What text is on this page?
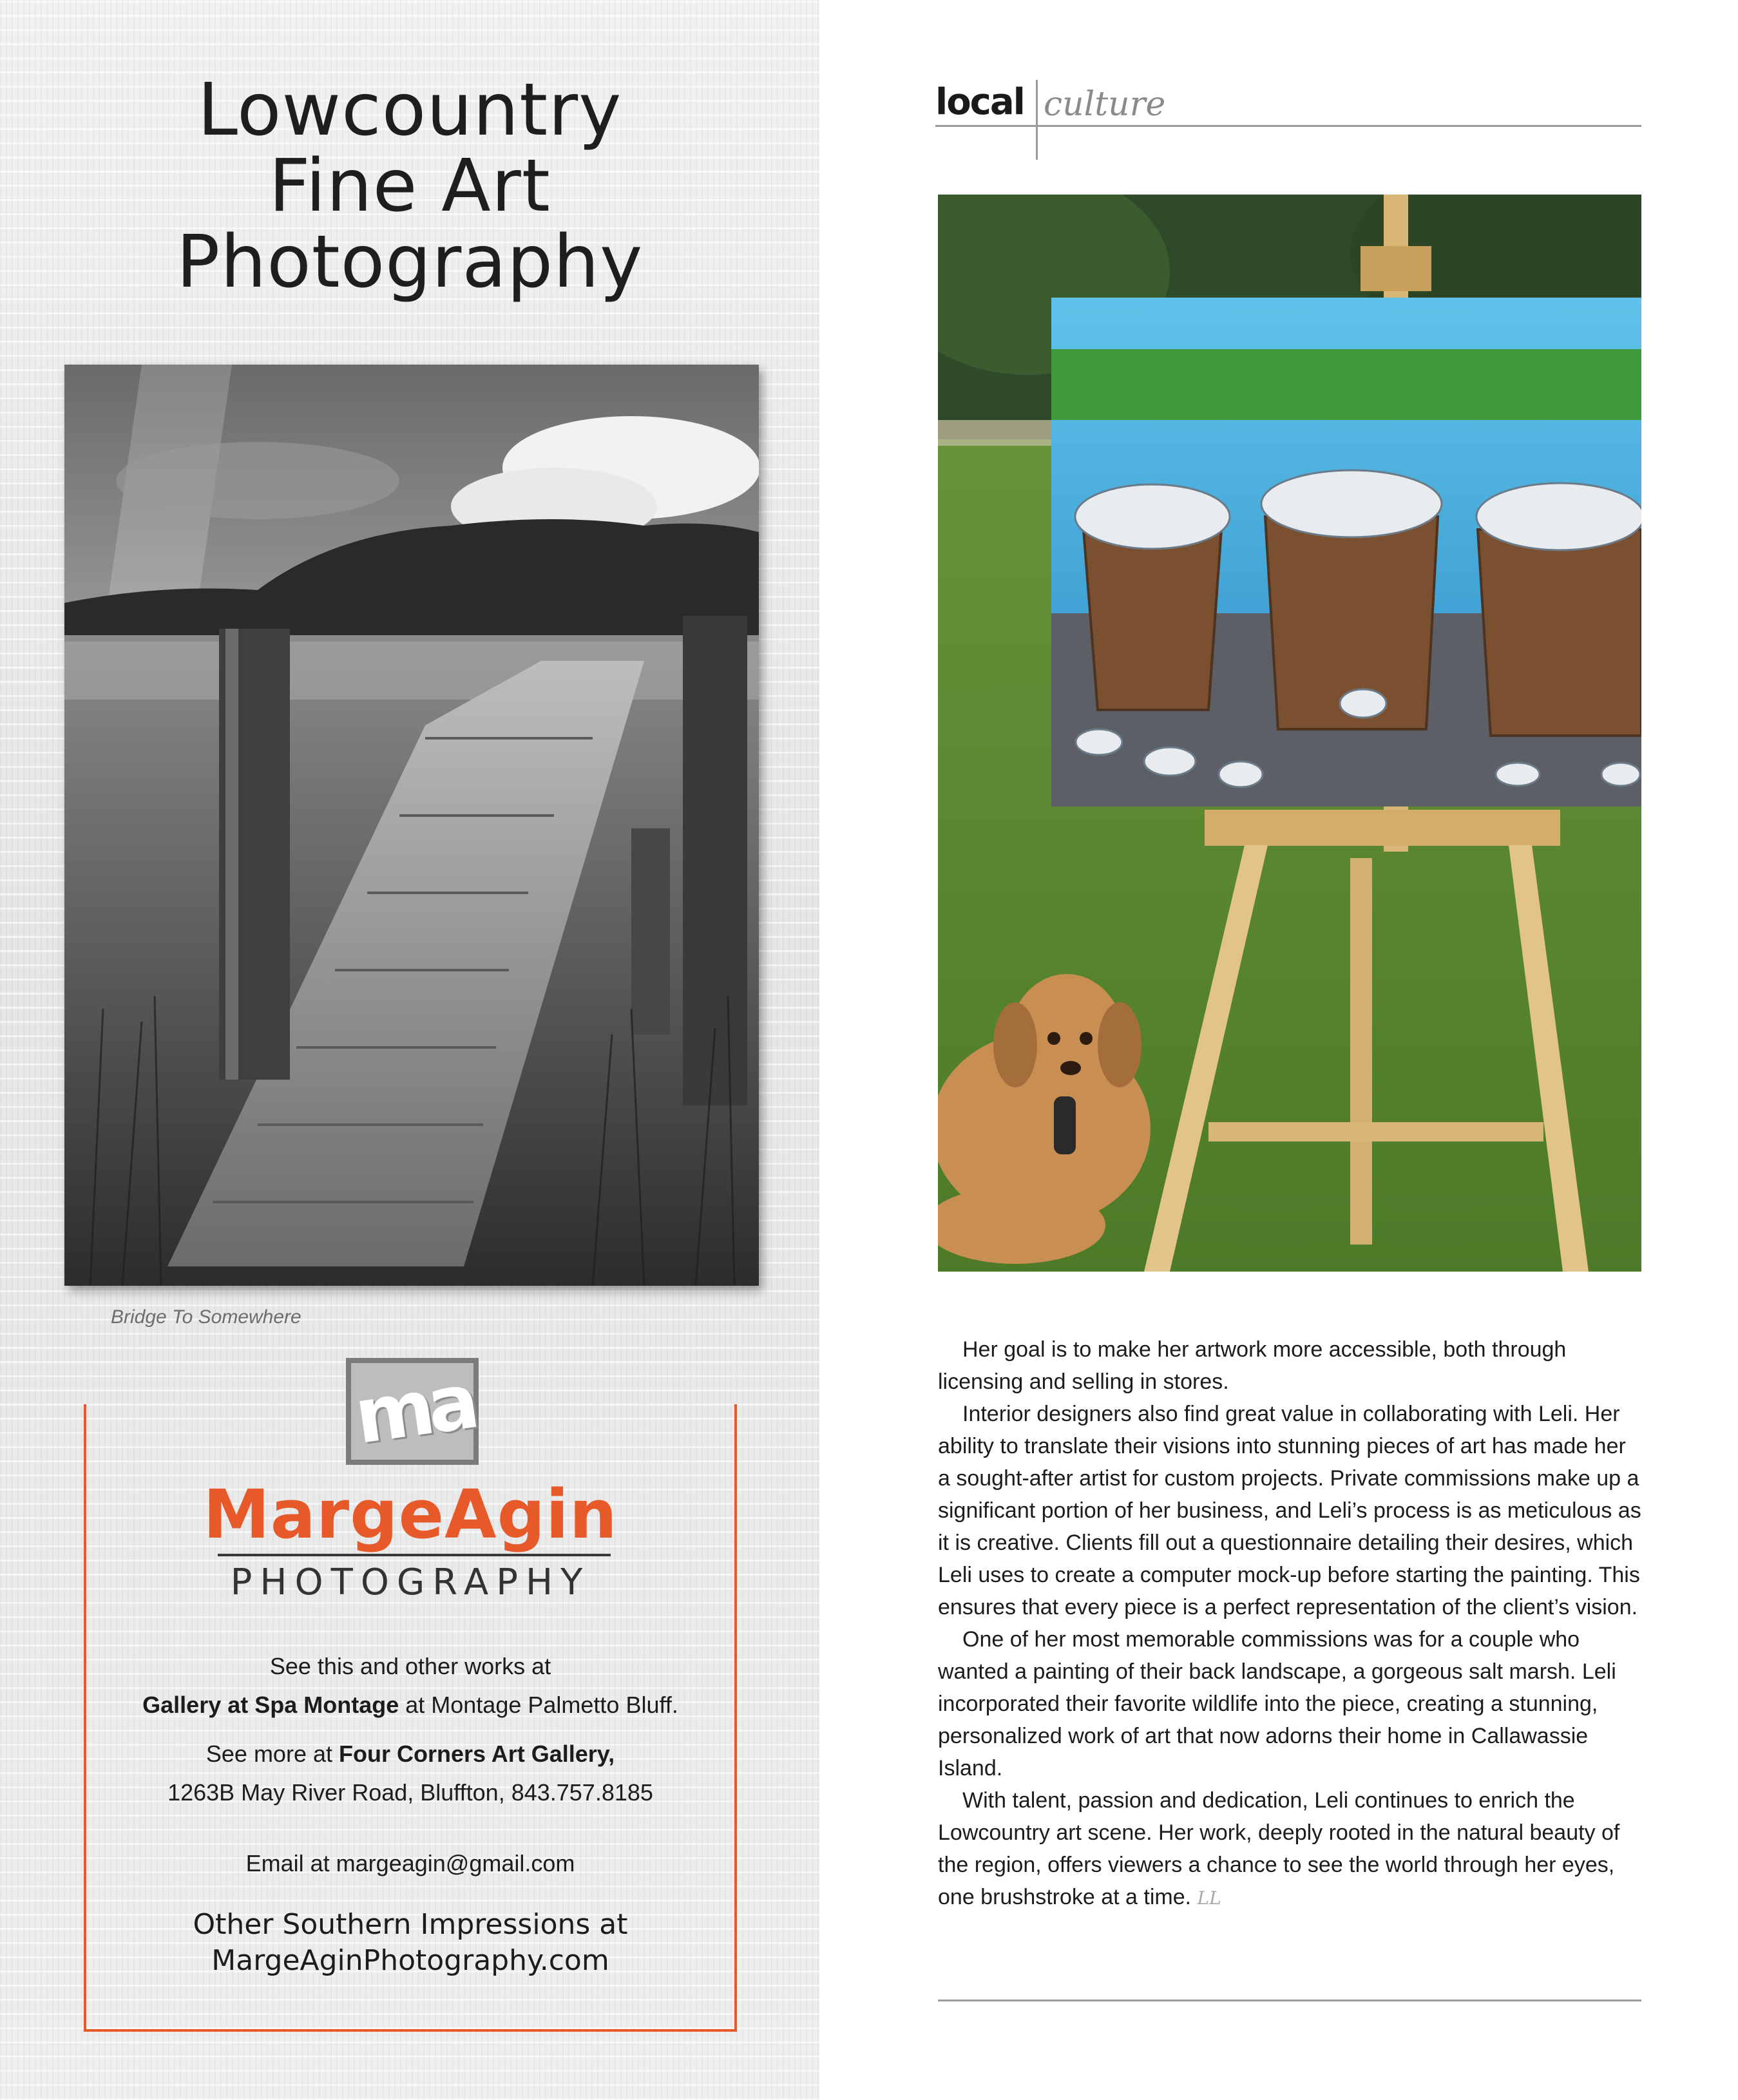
Lowcountry
Fine Art
Photography
Bridge To Somewhere
ma
MargeAgin
PHOTOGRAPHY
See this and other works at
Gallery at Spa Montage at Montage Palmetto Bluff.
See more at Four Corners Art Gallery,
1263B May River Road, Bluffton, 843.757.8185
Email at margeagin@gmail.com
Other Southern Impressions at
MargeAginPhotography.com
local culture

Her goal is to make her artwork more accessible, both through licensing and selling in stores.

Interior designers also find great value in collaborating with Leli. Her ability to translate their visions into stunning pieces of art has made her a sought-after artist for custom projects. Private commissions make up a significant portion of her business, and Leli’s process is as meticulous as it is creative. Clients fill out a questionnaire detailing their desires, which Leli uses to create a computer mock-up before starting the painting. This ensures that every piece is a perfect representation of the client’s vision.

One of her most memorable commissions was for a couple who wanted a painting of their back landscape, a gorgeous salt marsh. Leli incorporated their favorite wildlife into the piece, creating a stunning, personalized work of art that now adorns their home in Callawassie Island.

With talent, passion and dedication, Leli continues to enrich the Lowcountry art scene. Her work, deeply rooted in the natural beauty of the region, offers viewers a chance to see the world through her eyes, one brushstroke at a time. LL
